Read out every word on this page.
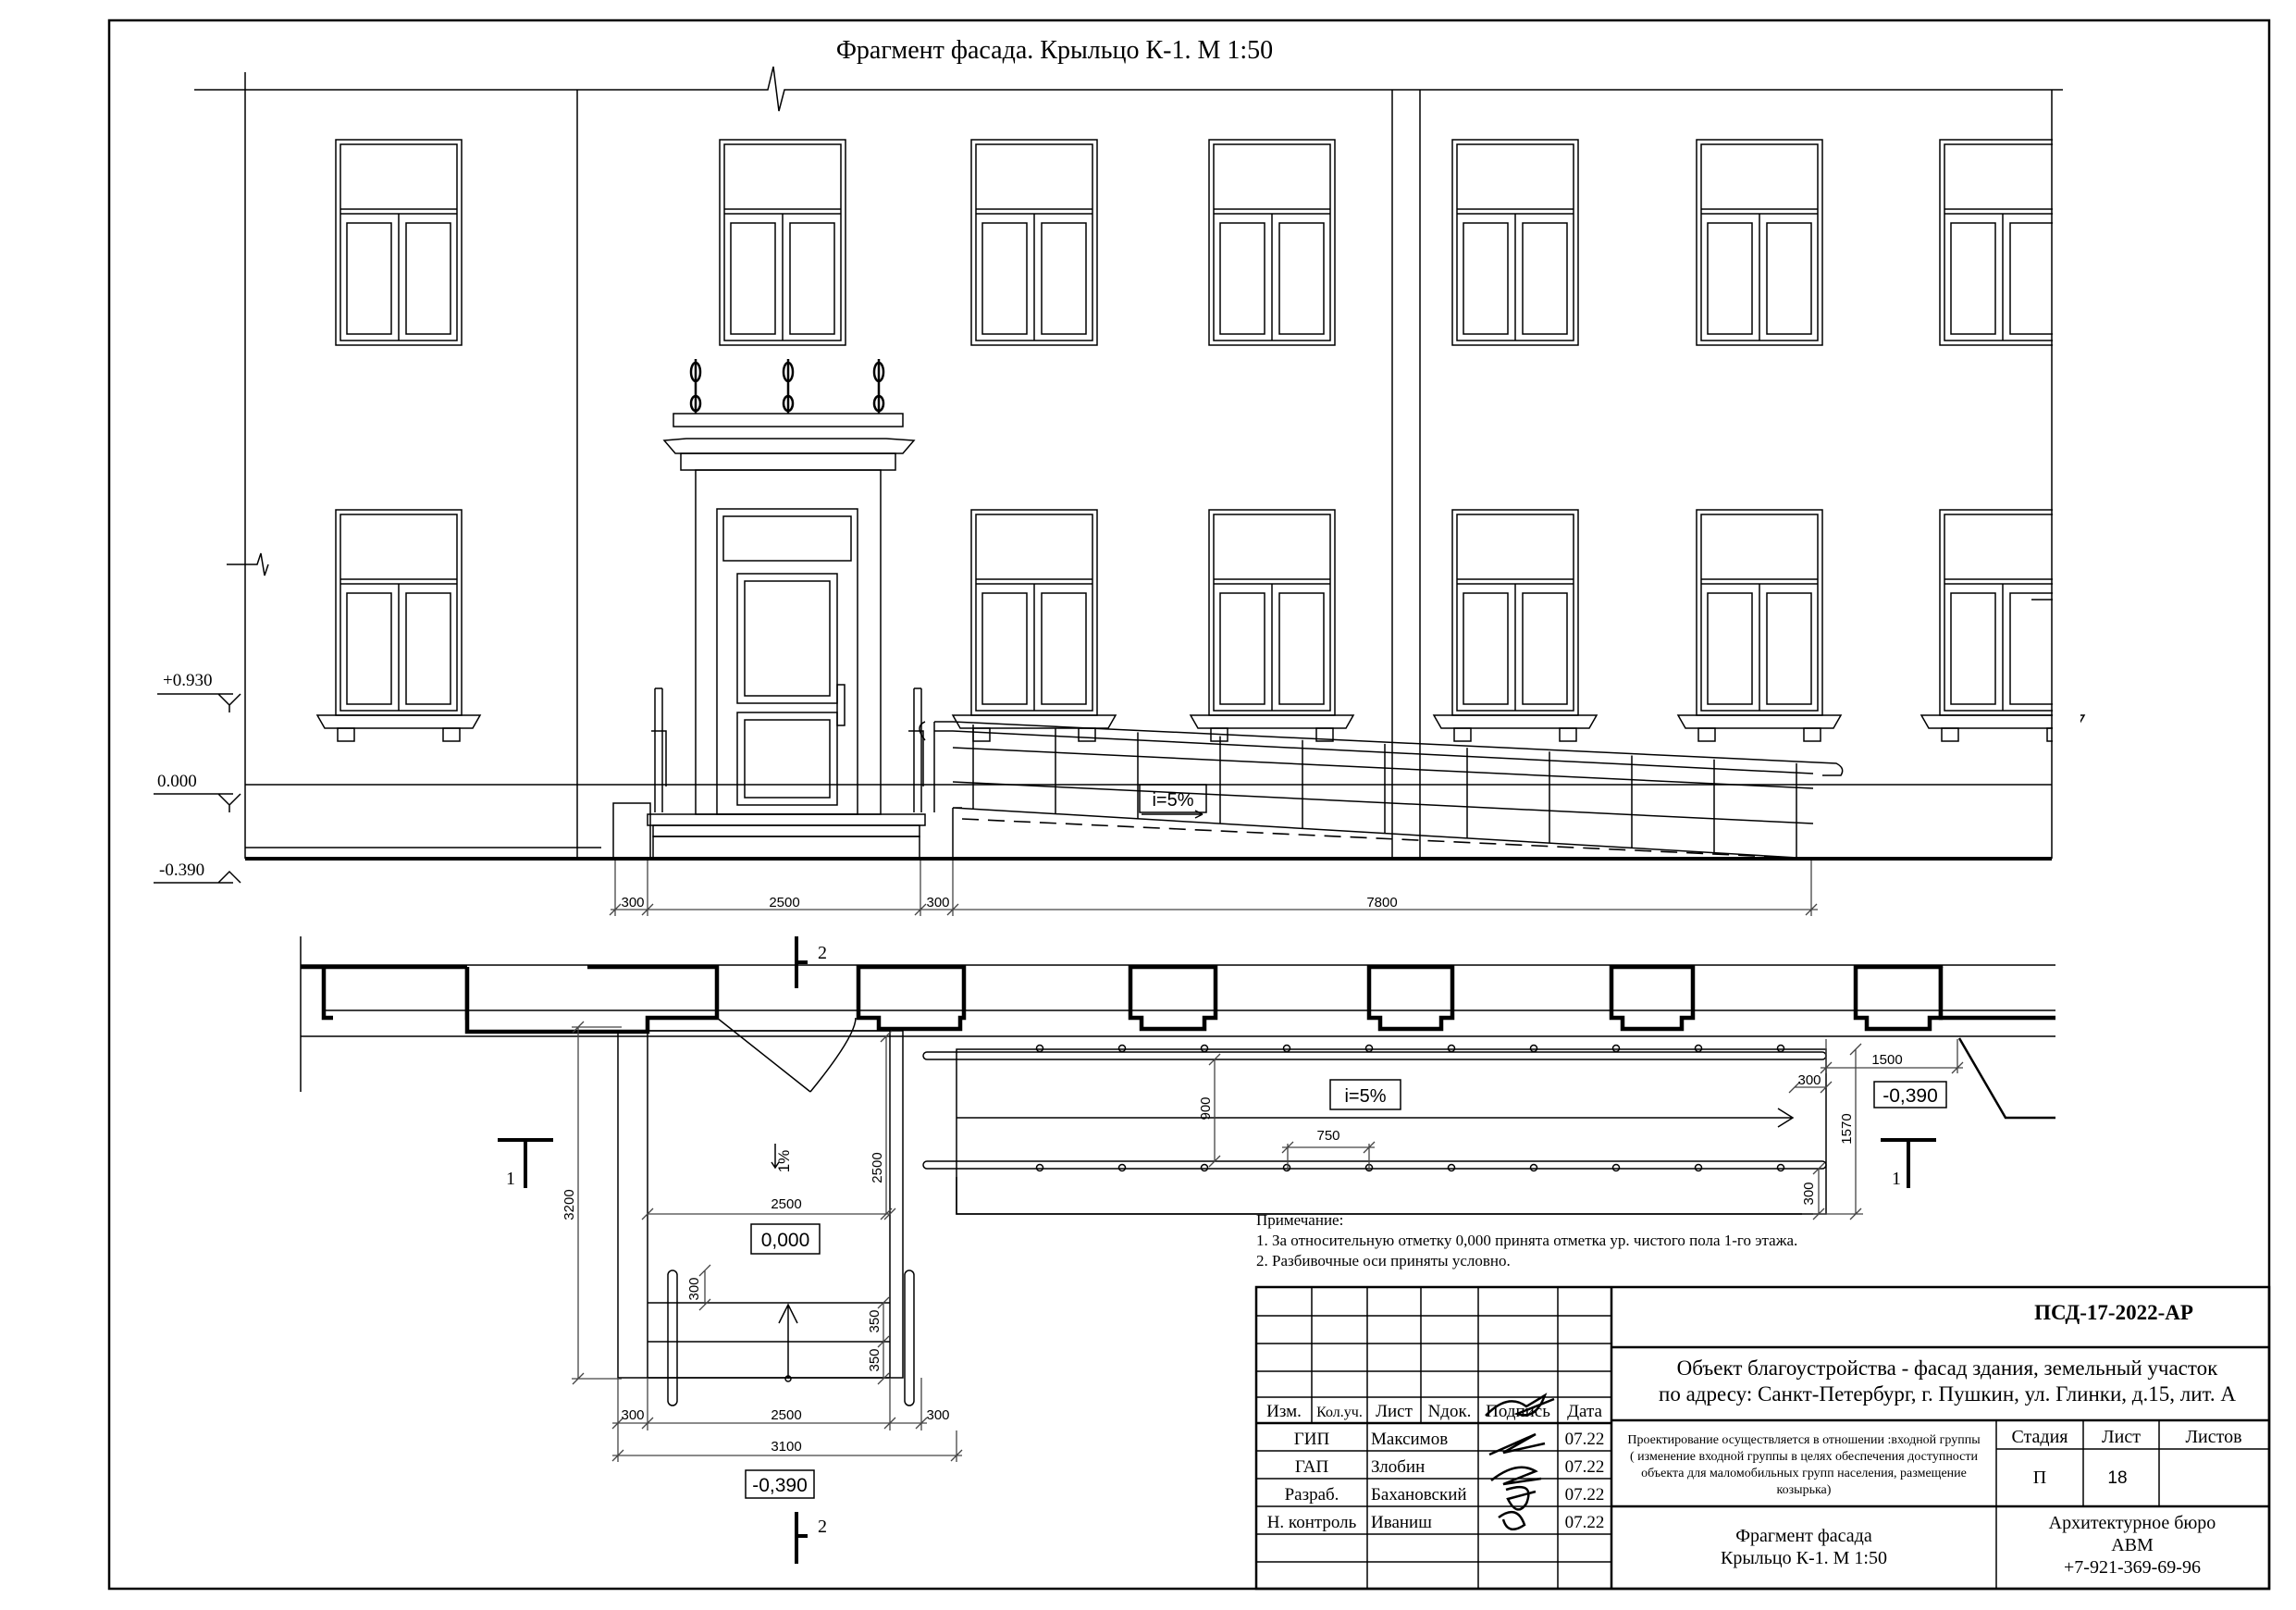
Фрагмент фасада. Крыльцо К-1. М 1:50
i=5%
+0.930
0.000
-0.390
300	2500	300	7800
i=5%
0,000
-0,390
-0,390
1%
1	1
2
2
3200
2500
2500
300
350
350
300	2500	300
3100
900
750
1500
300
1570
300
Изм. Кол.уч. Лист Nдок. Подпись Дата
ГИП Максимов	07.22
ГАП Злобин	07.22
Разраб. Бахановский	07.22
Н. контроль Иваниш	07.22
ПСД-17-2022-АР
Объект благоустройства - фасад здания, земельный участок
по адресу: Санкт-Петербург, г. Пушкин, ул. Глинки, д.15, лит. А
Проектирование осуществляется в отношении :входной группы
( изменение входной группы в целях обеспечения доступности
объекта для маломобильных групп населения, размещение
козырька)
Стадия Лист Листов
П	18
Фрагмент фасада
Крыльцо К-1. М 1:50
Архитектурное бюро
АВМ
+7-921-369-69-96
Примечание:
1. За относительную отметку 0,000 принята отметка ур. чистого пола 1-го этажа.
2. Разбивочные оси приняты условно.
